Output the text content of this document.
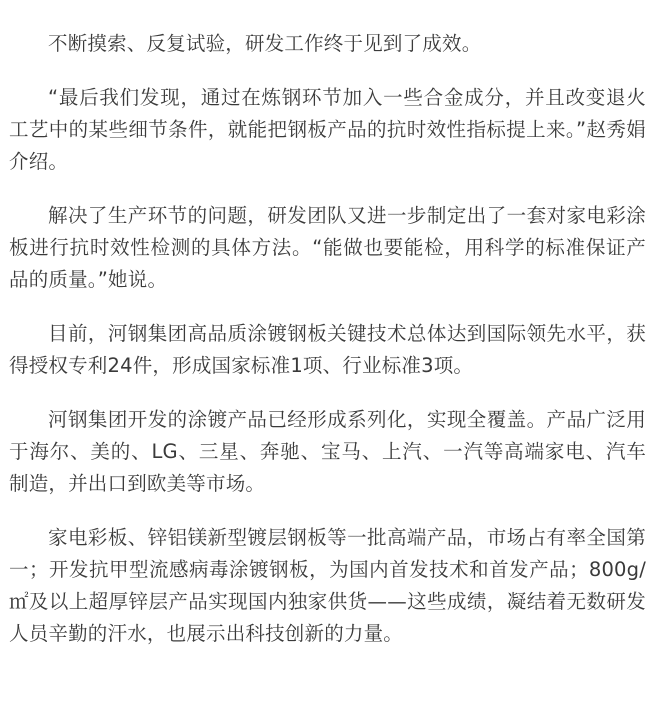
不断摸索、反复试验，研发工作终于见到了成效。

“最后我们发现，通过在炼钢环节加入一些合金成分，并且改变退火工艺中的某些细节条件，就能把钢板产品的抗时效性指标提上来。”赵秀娟介绍。

解决了生产环节的问题，研发团队又进一步制定出了一套对家电彩涂板进行抗时效性检测的具体方法。“能做也要能检，用科学的标准保证产品的质量。”她说。

目前，河钢集团高品质涂镀钢板关键技术总体达到国际领先水平，获得授权专利24件，形成国家标准1项、行业标准3项。

河钢集团开发的涂镀产品已经形成系列化，实现全覆盖。产品广泛用于海尔、美的、LG、三星、奔驰、宝马、上汽、一汽等高端家电、汽车制造，并出口到欧美等市场。

家电彩板、锌铝镁新型镀层钢板等一批高端产品，市场占有率全国第一；开发抗甲型流感病毒涂镀钢板，为国内首发技术和首发产品；800g/㎡及以上超厚锌层产品实现国内独家供货——这些成绩，凝结着无数研发人员辛勤的汗水，也展示出科技创新的力量。
